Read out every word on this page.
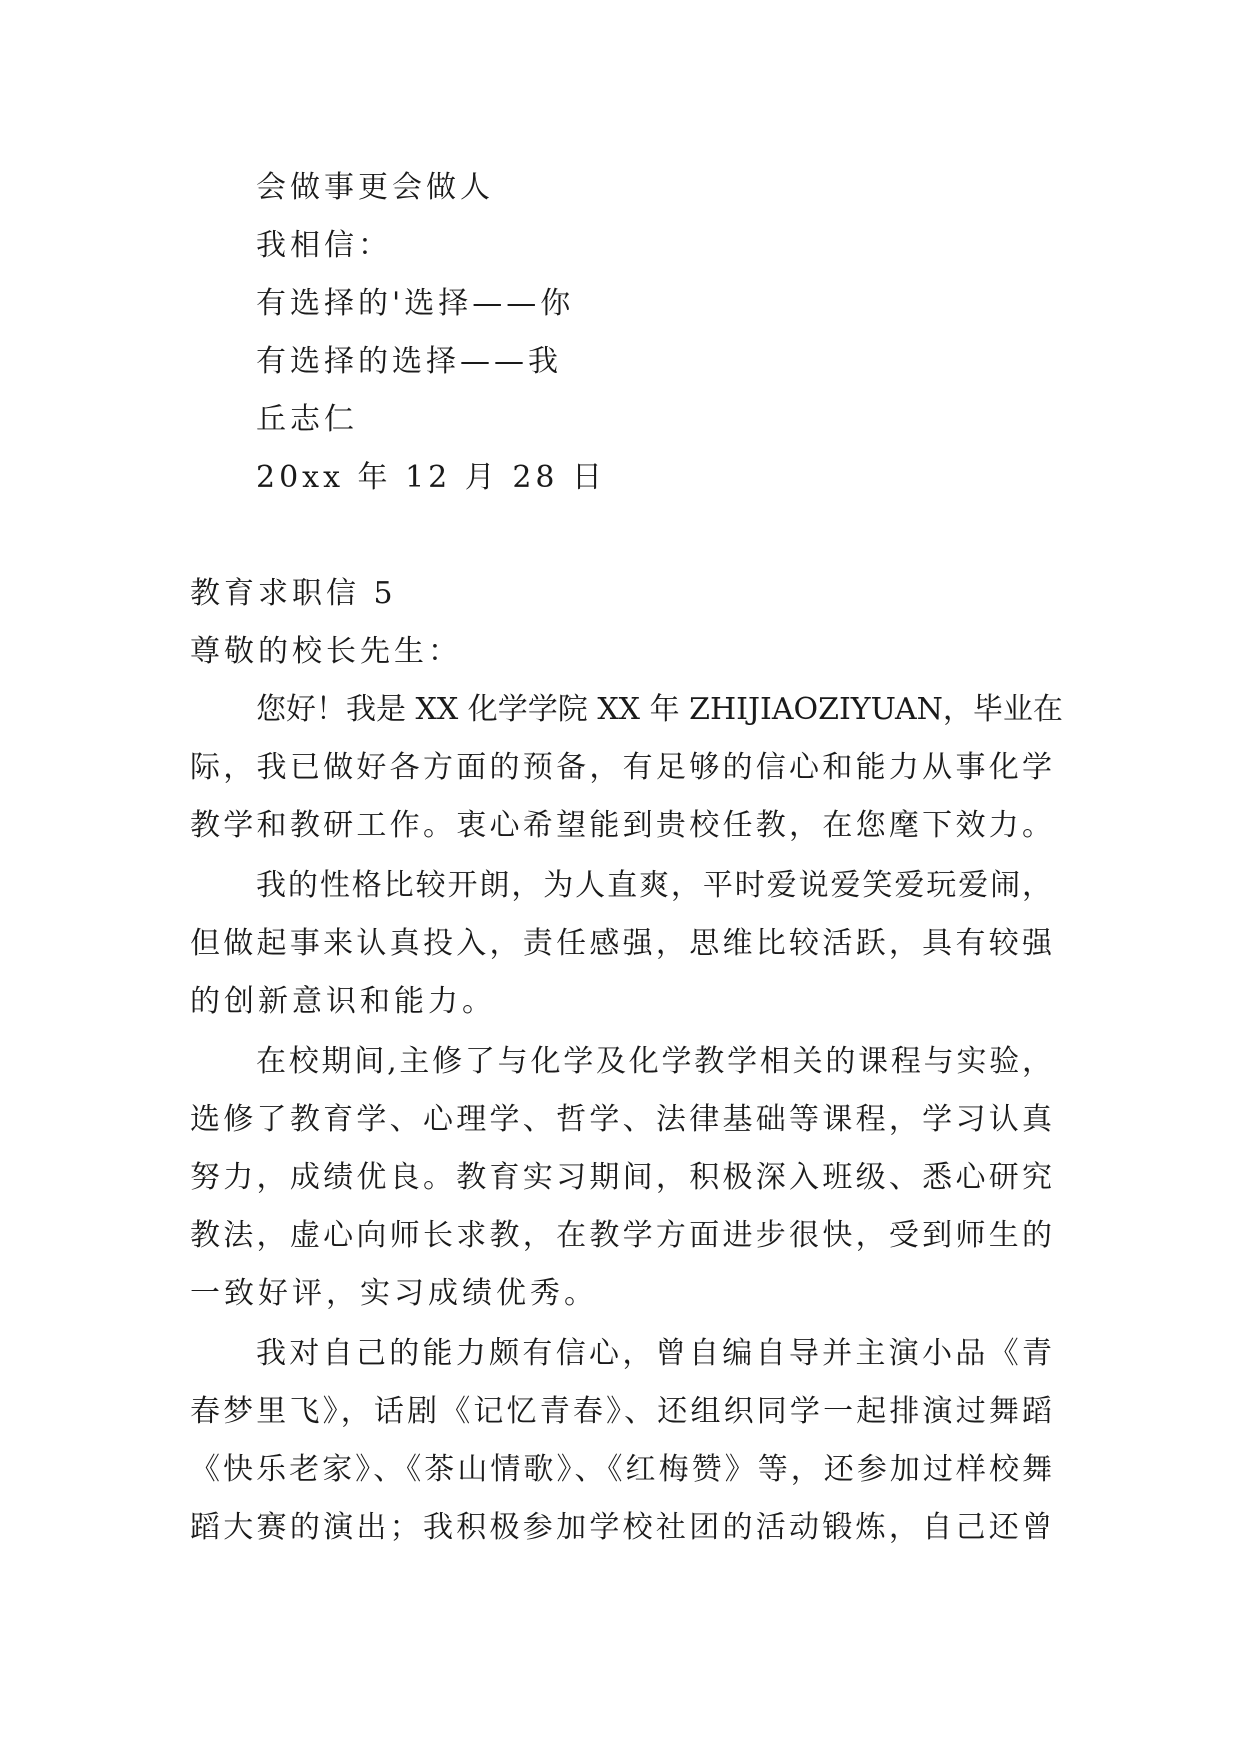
会做事更会做人
我相信：
有选择的'选择——你
有选择的选择——我
丘志仁
20xx 年 12 月 28 日
教育求职信 5
尊敬的校长先生：
您好！我是 XX 化学学院 XX 年 ZHIJIAOZIYUAN，毕业在
际，我已做好各方面的预备，有足够的信心和能力从事化学
教学和教研工作。衷心希望能到贵校任教，在您麾下效力。
我的性格比较开朗，为人直爽，平时爱说爱笑爱玩爱闹，
但做起事来认真投入，责任感强，思维比较活跃，具有较强
的创新意识和能力。
在校期间,主修了与化学及化学教学相关的课程与实验，
选修了教育学、心理学、哲学、法律基础等课程，学习认真
努力，成绩优良。教育实习期间，积极深入班级、悉心研究
教法，虚心向师长求教，在教学方面进步很快，受到师生的
一致好评，实习成绩优秀。
我对自己的能力颇有信心，曾自编自导并主演小品《青
春梦里飞》，话剧《记忆青春》、还组织同学一起排演过舞蹈
《快乐老家》、《茶山情歌》、《红梅赞》等，还参加过样校舞
蹈大赛的演出；我积极参加学校社团的活动锻炼，自己还曾
